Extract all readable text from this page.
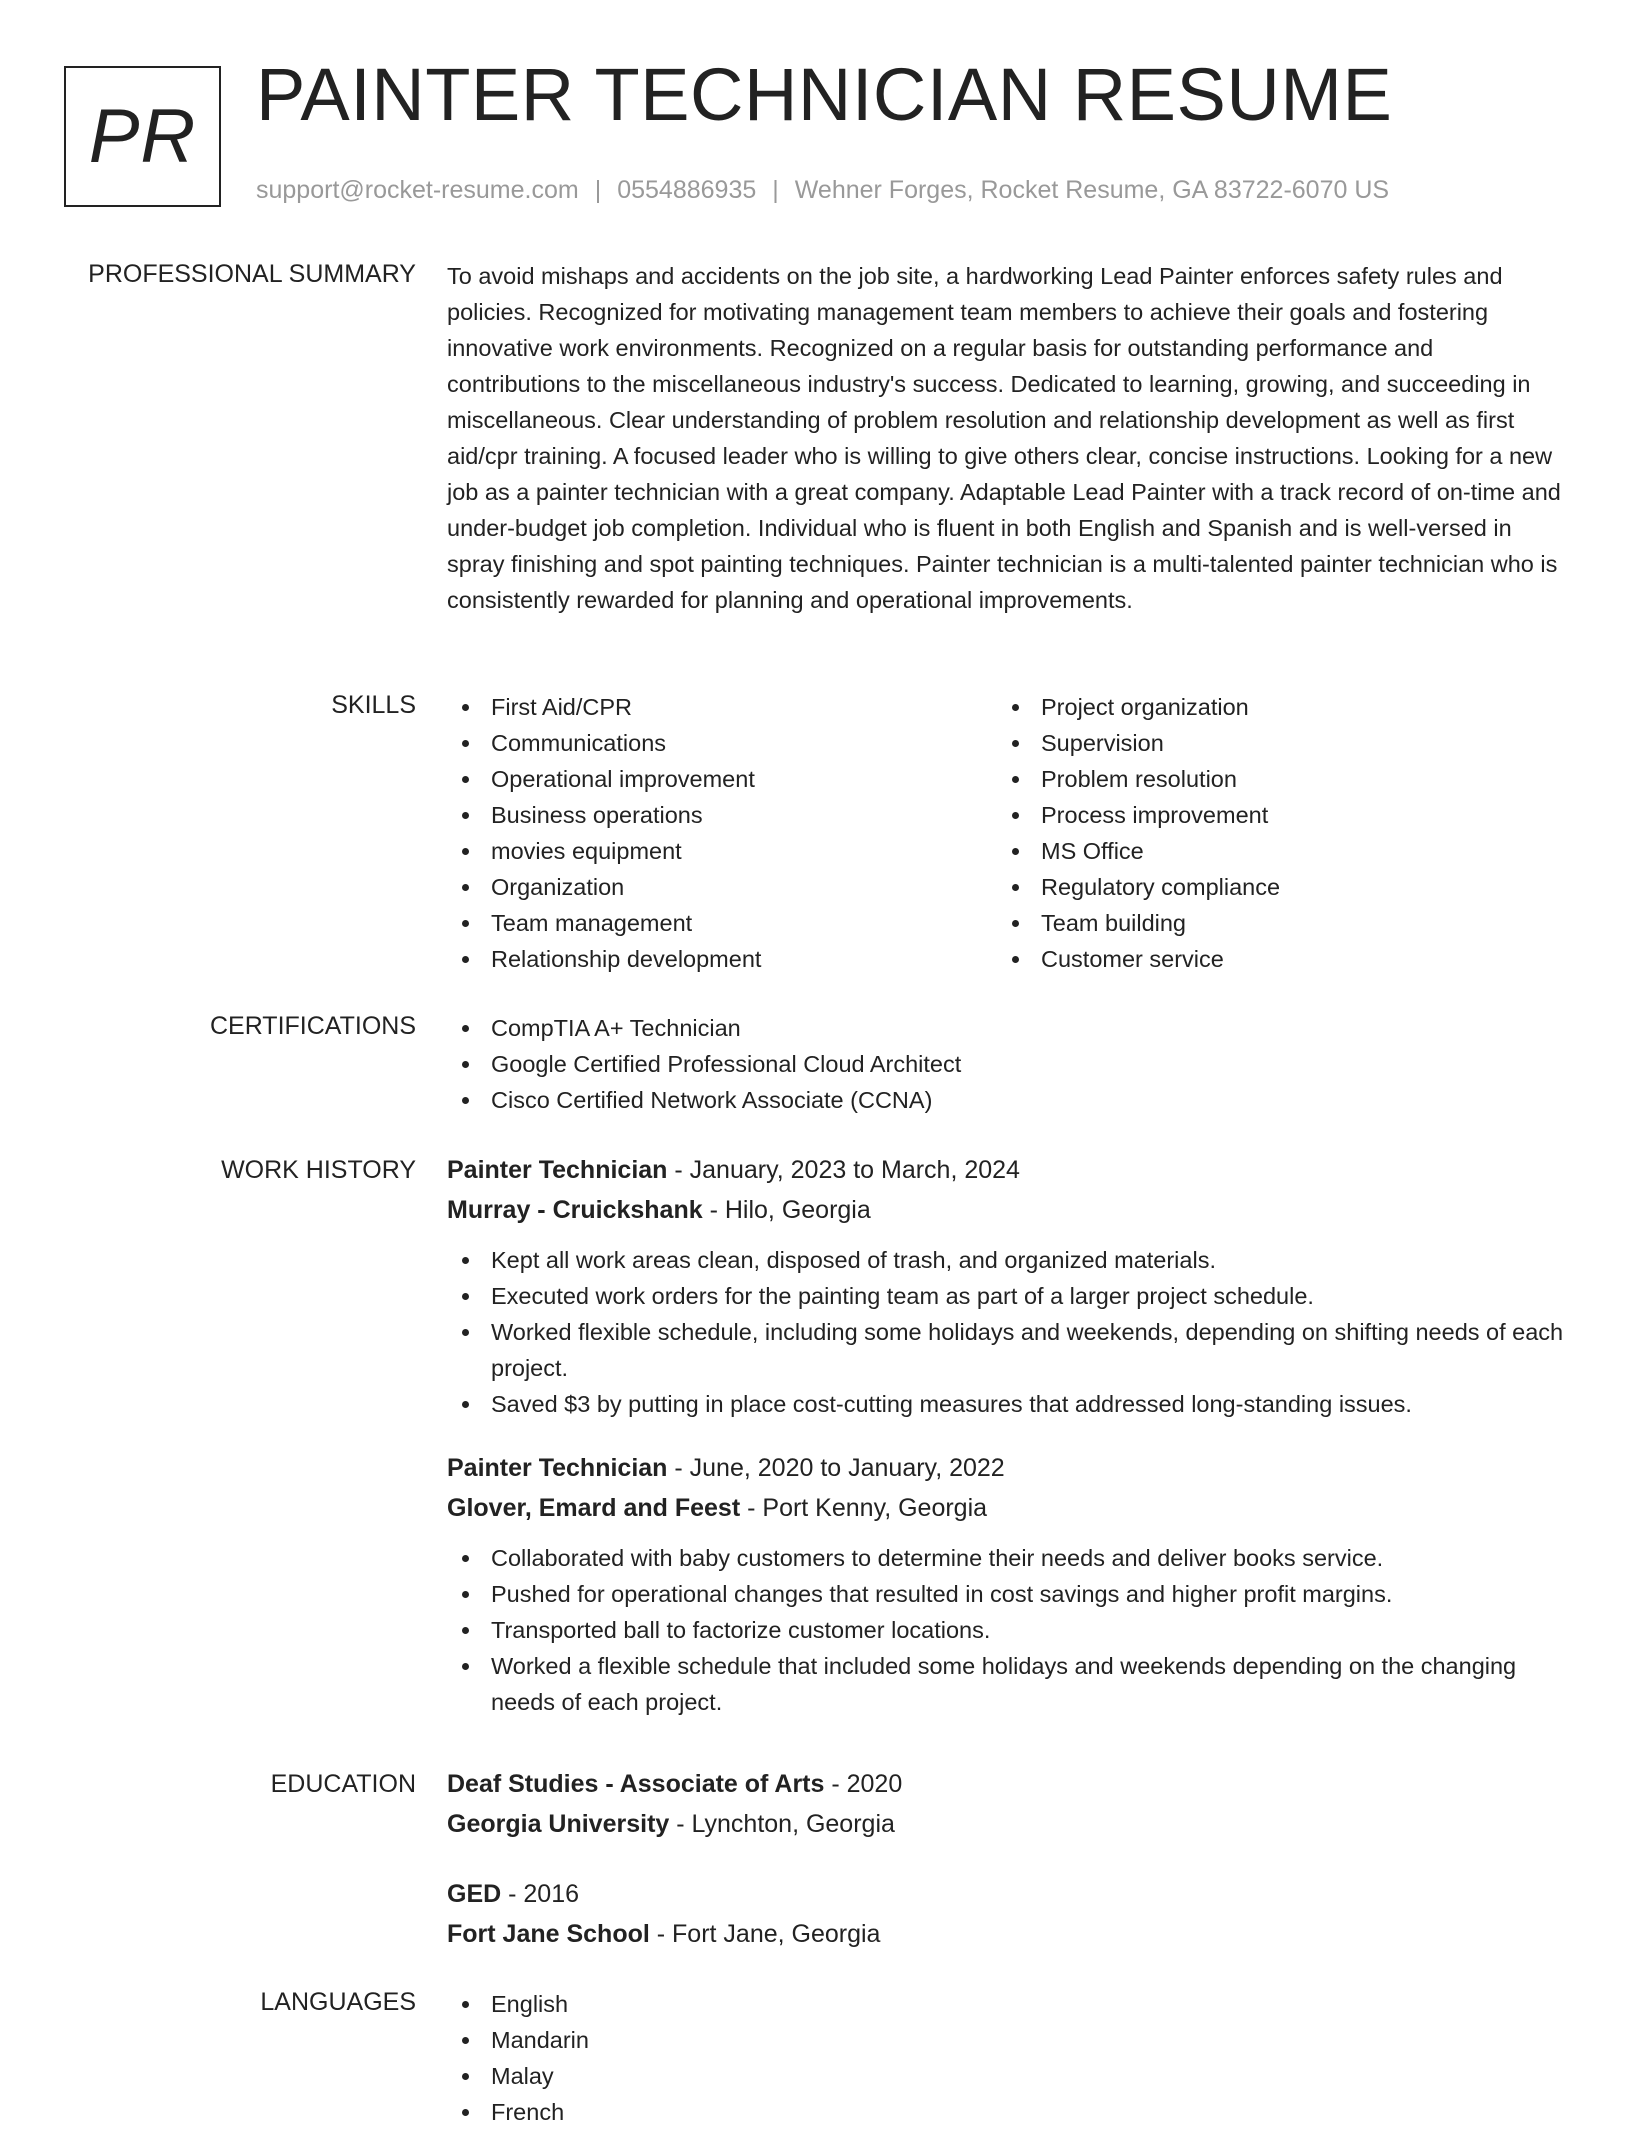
PR PAINTER TECHNICIAN RESUME
support@rocket-resume.com | 0554886935 | Wehner Forges, Rocket Resume, GA 83722-6070 US
PROFESSIONAL SUMMARY To avoid mishaps and accidents on the job site, a hardworking Lead Painter enforces safety rules and policies. Recognized for motivating management team members to achieve their goals and fostering innovative work environments. Recognized on a regular basis for outstanding performance and contributions to the miscellaneous industry's success. Dedicated to learning, growing, and succeeding in miscellaneous. Clear understanding of problem resolution and relationship development as well as first aid/cpr training. A focused leader who is willing to give others clear, concise instructions. Looking for a new job as a painter technician with a great company. Adaptable Lead Painter with a track record of on-time and under-budget job completion. Individual who is fluent in both English and Spanish and is well-versed in spray finishing and spot painting techniques. Painter technician is a multi-talented painter technician who is consistently rewarded for planning and operational improvements.

SKILLS	First Aid/CPR
Communications
Operational improvement
Business operations
movies equipment
Organization
Team management
Relationship development
Project organization
Supervision
Problem resolution
Process improvement
MS Office
Regulatory compliance
Team building
Customer service
CERTIFICATIONS	CompTIA A+ Technician
Google Certified Professional Cloud Architect
Cisco Certified Network Associate (CCNA)
WORK HISTORY Painter Technician - January, 2023 to March, 2024
Murray - Cruickshank - Hilo, Georgia
Kept all work areas clean, disposed of trash, and organized materials.
Executed work orders for the painting team as part of a larger project schedule.
Worked flexible schedule, including some holidays and weekends, depending on shifting needs of each project.
Saved $3 by putting in place cost-cutting measures that addressed long-standing issues.
Painter Technician - June, 2020 to January, 2022
Glover, Emard and Feest - Port Kenny, Georgia
Collaborated with baby customers to determine their needs and deliver books service.
Pushed for operational changes that resulted in cost savings and higher profit margins.
Transported ball to factorize customer locations.
Worked a flexible schedule that included some holidays and weekends depending on the changing needs of each project.
EDUCATION Deaf Studies - Associate of Arts - 2020
Georgia University - Lynchton, Georgia
GED - 2016
Fort Jane School - Fort Jane, Georgia
LANGUAGES	English
Mandarin
Malay
French
